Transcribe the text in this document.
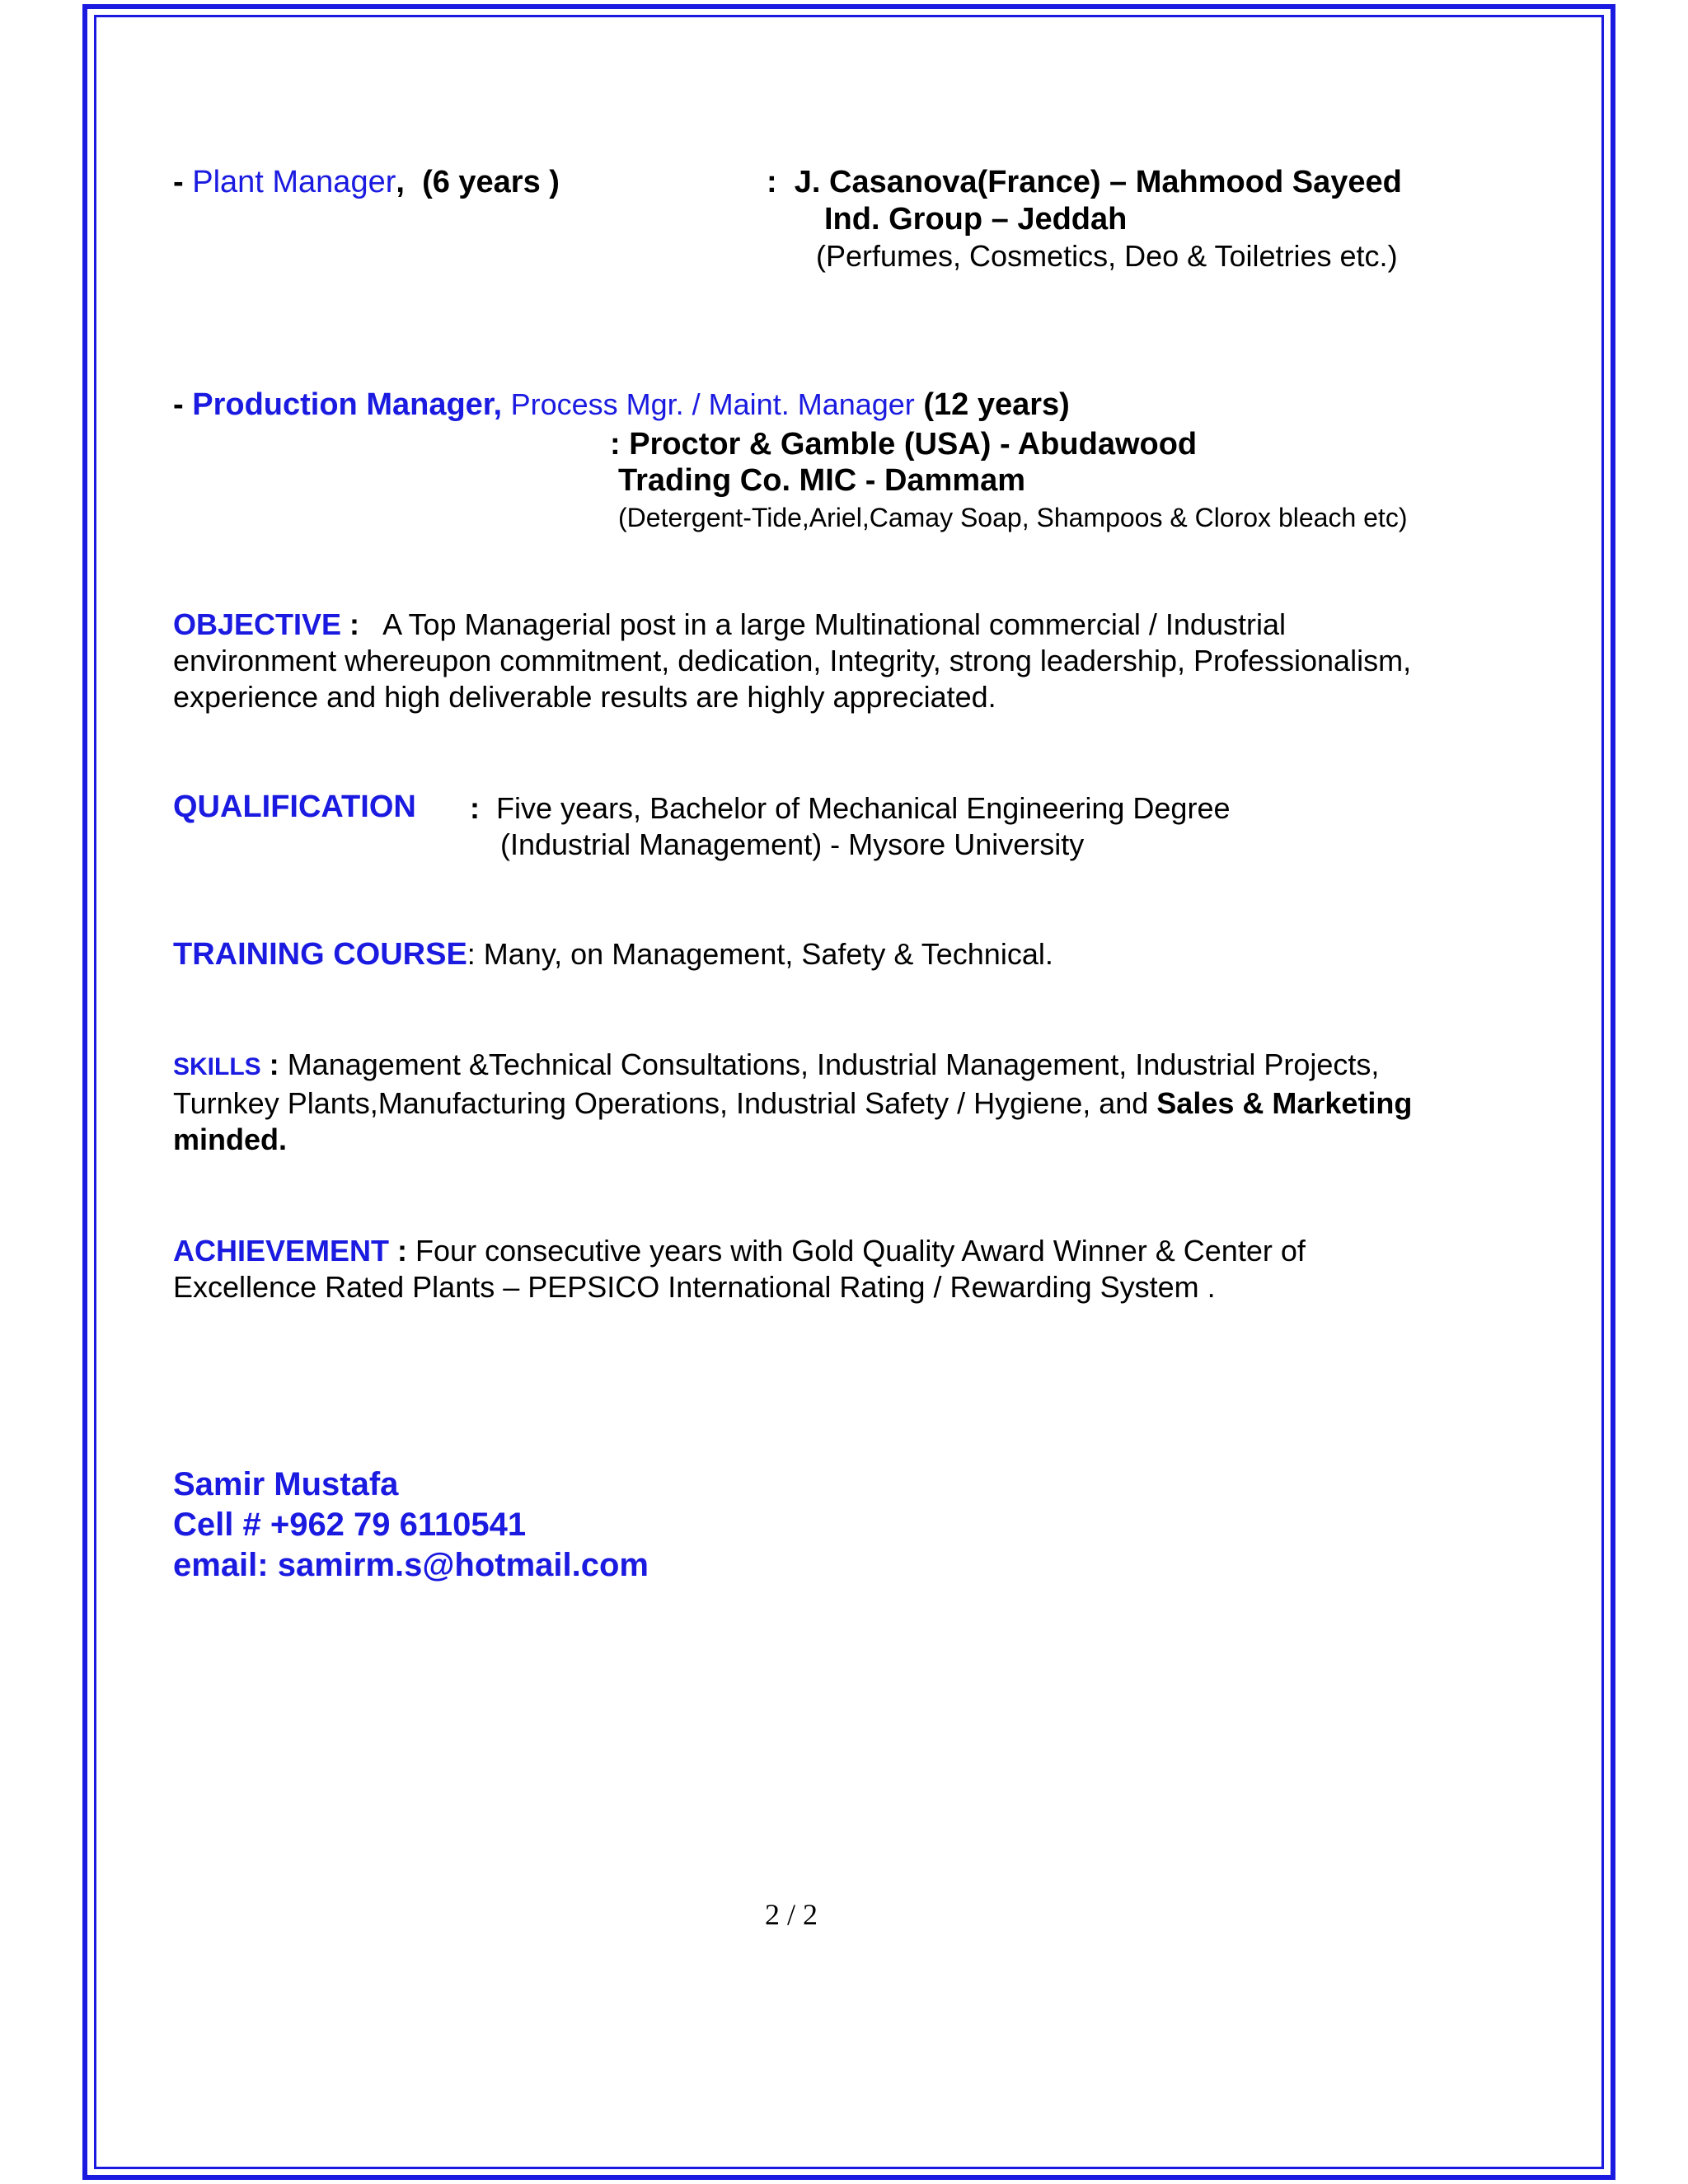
- Plant Manager, (6 years )	: J. Casanova(France) – Mahmood Sayeed
Ind. Group – Jeddah
(Perfumes, Cosmetics, Deo & Toiletries etc.)
- Production Manager, Process Mgr. / Maint. Manager (12 years)
: Proctor & Gamble (USA) - Abudawood
Trading Co. MIC - Dammam
(Detergent-Tide,Ariel,Camay Soap, Shampoos & Clorox bleach etc)
OBJECTIVE : A Top Managerial post in a large Multinational commercial / Industrial
environment whereupon commitment, dedication, Integrity, strong leadership, Professionalism,
experience and high deliverable results are highly appreciated.
QUALIFICATION : Five years, Bachelor of Mechanical Engineering Degree
(Industrial Management) - Mysore University
TRAINING COURSE: Many, on Management, Safety & Technical.
SKILLS : Management &Technical Consultations, Industrial Management, Industrial Projects,
Turnkey Plants,Manufacturing Operations, Industrial Safety / Hygiene, and Sales & Marketing
minded.
ACHIEVEMENT : Four consecutive years with Gold Quality Award Winner & Center of
Excellence Rated Plants – PEPSICO International Rating / Rewarding System .
Samir Mustafa
Cell # +962 79 6110541
email: samirm.s@hotmail.com
2 / 2
